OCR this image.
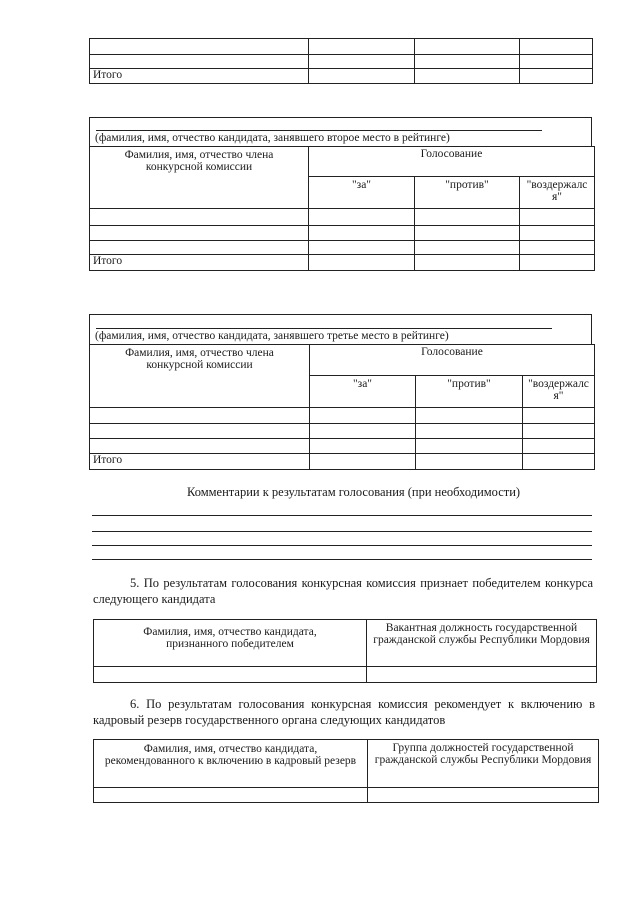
Итого			
(фамилия, имя, отчество кандидата, занявшего второе место в рейтинге)
Фамилия, имя, отчество члена конкурсной комиссии	Голосование		
	"за"	"против"	"воздержался"

Итого			
(фамилия, имя, отчество кандидата, занявшего третье место в рейтинге)
Фамилия, имя, отчество члена конкурсной комиссии	Голосование		
	"за"	"против"	"воздержался"

Итого			
Комментарии к результатам голосования (при необходимости)
5. По результатам голосования конкурсная комиссия признает победителем конкурса следующего кандидата
Фамилия, имя, отчество кандидата, признанного победителем	Вакантная должность государственной гражданской службы Республики Мордовия

6. По результатам голосования конкурсная комиссия рекомендует к включению в кадровый резерв государственного органа следующих кандидатов
Фамилия, имя, отчество кандидата, рекомендованного к включению в кадровый резерв	Группа должностей государственной гражданской службы Республики Мордовия
